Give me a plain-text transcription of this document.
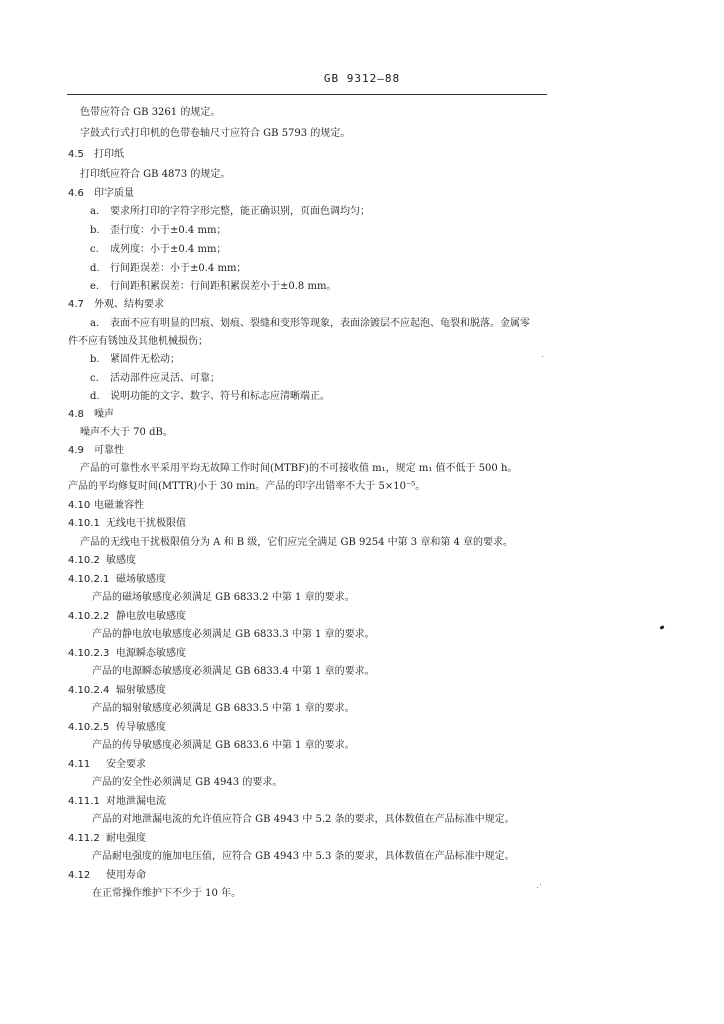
GB 9312—88
色带应符合 GB 3261 的规定。
字鼓式行式打印机的色带卷轴尺寸应符合 GB 5793 的规定。
4.5 打印纸
打印纸应符合 GB 4873 的规定。
4.6 印字质量
a. 要求所打印的字符字形完整，能正确识别，页面色调均匀；
b. 歪行度：小于±0.4 mm；
c. 成列度：小于±0.4 mm；
d. 行间距误差：小于±0.4 mm；
e. 行间距积累误差：行间距积累误差小于±0.8 mm。
4.7 外观、结构要求
a. 表面不应有明显的凹痕、划痕、裂缝和变形等现象，表面涂镀层不应起泡、龟裂和脱落。金属零
件不应有锈蚀及其他机械损伤；
b. 紧固件无松动；
c. 活动部件应灵活、可靠；
d. 说明功能的文字、数字、符号和标志应清晰端正。
4.8 噪声
噪声不大于 70 dB。
4.9 可靠性
产品的可靠性水平采用平均无故障工作时间(MTBF)的不可接收值 m₁，规定 m₁ 值不低于 500 h。
产品的平均修复时间(MTTR)小于 30 min。产品的印字出错率不大于 5×10⁻⁵。
4.10 电磁兼容性
4.10.1 无线电干扰极限值
产品的无线电干扰极限值分为 A 和 B 级，它们应完全满足 GB 9254 中第 3 章和第 4 章的要求。
4.10.2 敏感度
4.10.2.1 磁场敏感度
产品的磁场敏感度必须满足 GB 6833.2 中第 1 章的要求。
4.10.2.2 静电放电敏感度
产品的静电放电敏感度必须满足 GB 6833.3 中第 1 章的要求。
4.10.2.3 电源瞬态敏感度
产品的电源瞬态敏感度必须满足 GB 6833.4 中第 1 章的要求。
4.10.2.4 辐射敏感度
产品的辐射敏感度必须满足 GB 6833.5 中第 1 章的要求。
4.10.2.5 传导敏感度
产品的传导敏感度必须满足 GB 6833.6 中第 1 章的要求。
4.11 安全要求
产品的安全性必须满足 GB 4943 的要求。
4.11.1 对地泄漏电流
产品的对地泄漏电流的允许值应符合 GB 4943 中 5.2 条的要求，具体数值在产品标准中规定。
4.11.2 耐电强度
产品耐电强度的施加电压值，应符合 GB 4943 中 5.3 条的要求，具体数值在产品标准中规定。
4.12 使用寿命
在正常操作维护下不少于 10 年。
